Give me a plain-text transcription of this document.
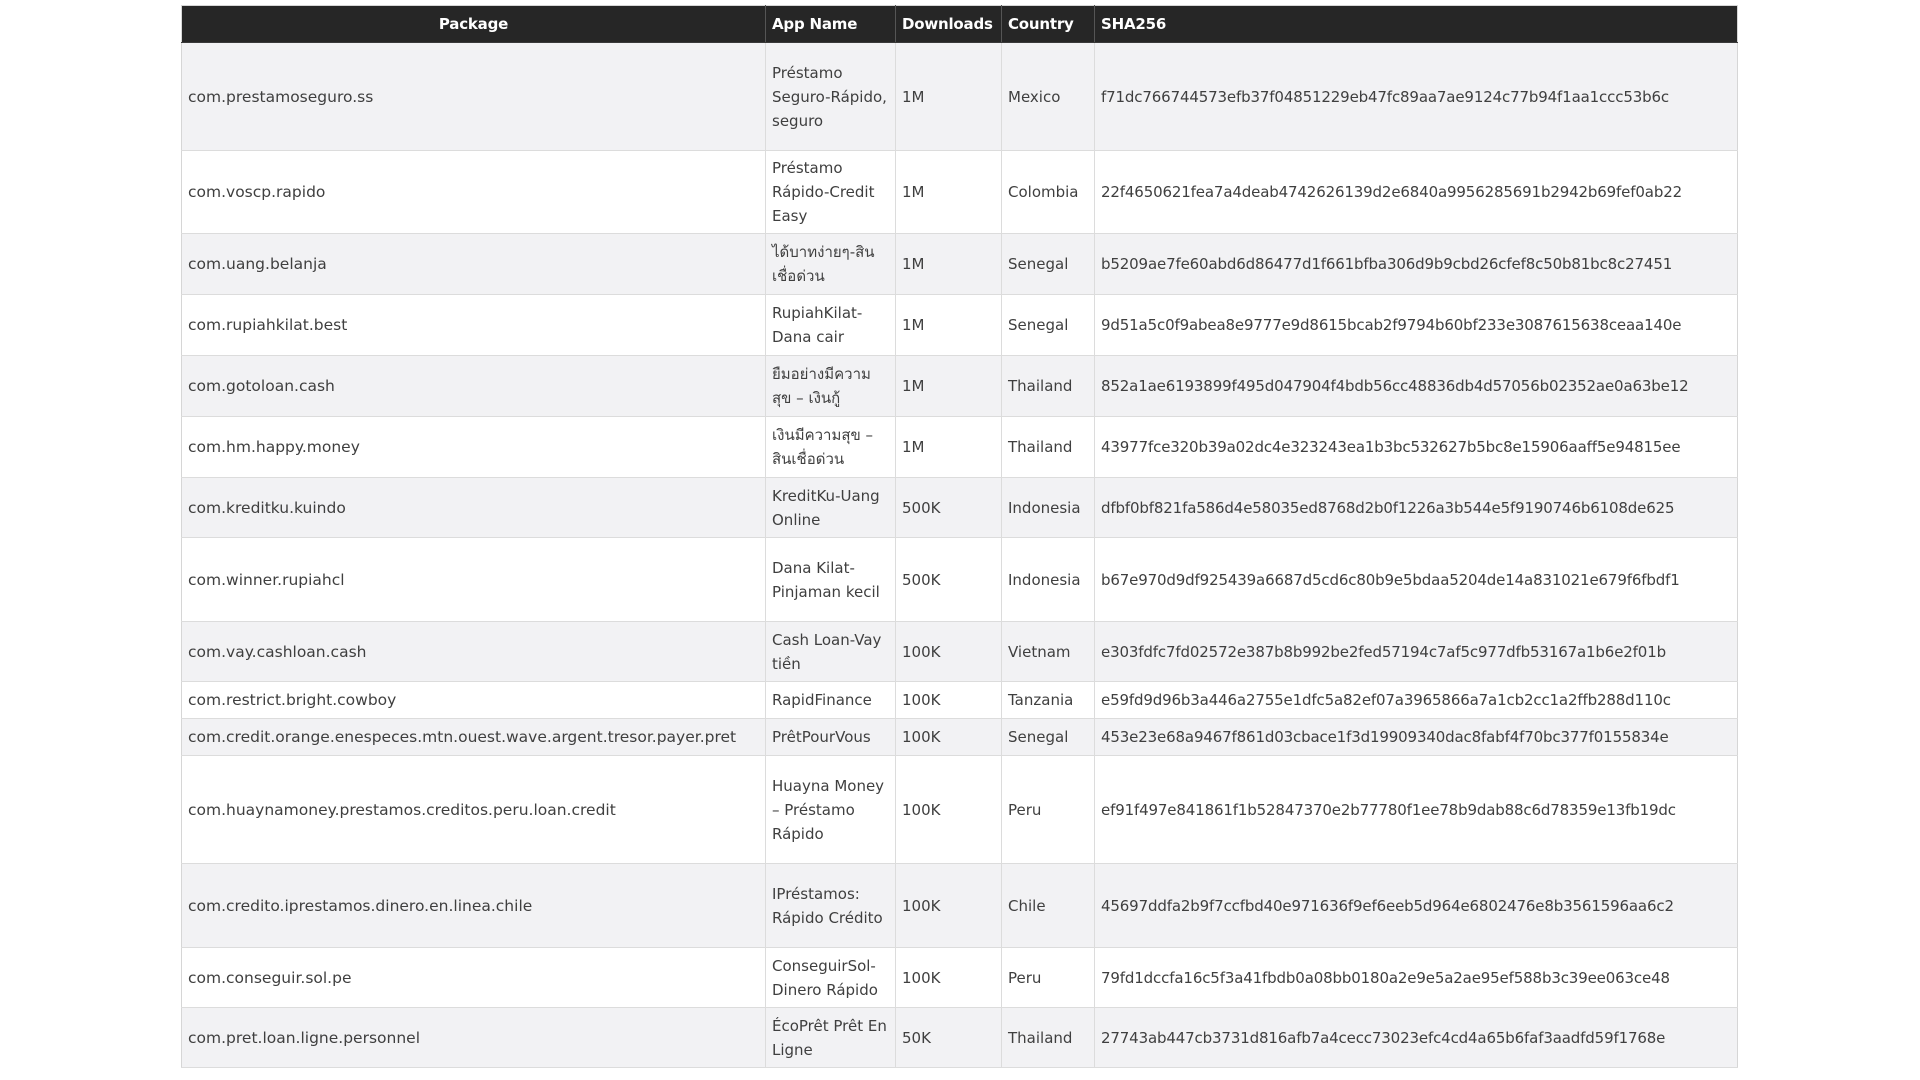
Package	App Name	Downloads	Country	SHA256
com.prestamoseguro.ss	Préstamo Seguro-Rápido, seguro	1M	Mexico	f71dc766744573efb37f04851229eb47fc89aa7ae9124c77b94f1aa1ccc53b6c
com.voscp.rapido	Préstamo Rápido-Credit Easy	1M	Colombia	22f4650621fea7a4deab4742626139d2e6840a9956285691b2942b69fef0ab22
com.uang.belanja	ได้บาทง่ายๆ-สินเชื่อด่วน	1M	Senegal	b5209ae7fe60abd6d86477d1f661bfba306d9b9cbd26cfef8c50b81bc8c27451
com.rupiahkilat.best	RupiahKilat-Dana cair	1M	Senegal	9d51a5c0f9abea8e9777e9d8615bcab2f9794b60bf233e3087615638ceaa140e
com.gotoloan.cash	ยืมอย่างมีความสุข – เงินกู้	1M	Thailand	852a1ae6193899f495d047904f4bdb56cc48836db4d57056b02352ae0a63be12
com.hm.happy.money	เงินมีความสุข – สินเชื่อด่วน	1M	Thailand	43977fce320b39a02dc4e323243ea1b3bc532627b5bc8e15906aaff5e94815ee
com.kreditku.kuindo	KreditKu-Uang Online	500K	Indonesia	dfbf0bf821fa586d4e58035ed8768d2b0f1226a3b544e5f9190746b6108de625
com.winner.rupiahcl	Dana Kilat-Pinjaman kecil	500K	Indonesia	b67e970d9df925439a6687d5cd6c80b9e5bdaa5204de14a831021e679f6fbdf1
com.vay.cashloan.cash	Cash Loan-Vay tiền	100K	Vietnam	e303fdfc7fd02572e387b8b992be2fed57194c7af5c977dfb53167a1b6e2f01b
com.restrict.bright.cowboy	RapidFinance	100K	Tanzania	e59fd9d96b3a446a2755e1dfc5a82ef07a3965866a7a1cb2cc1a2ffb288d110c
com.credit.orange.enespeces.mtn.ouest.wave.argent.tresor.payer.pret	PrêtPourVous	100K	Senegal	453e23e68a9467f861d03cbace1f3d19909340dac8fabf4f70bc377f0155834e
com.huaynamoney.prestamos.creditos.peru.loan.credit	Huayna Money – Préstamo Rápido	100K	Peru	ef91f497e841861f1b52847370e2b77780f1ee78b9dab88c6d78359e13fb19dc
com.credito.iprestamos.dinero.en.linea.chile	IPréstamos: Rápido Crédito	100K	Chile	45697ddfa2b9f7ccfbd40e971636f9ef6eeb5d964e6802476e8b3561596aa6c2
com.conseguir.sol.pe	ConseguirSol-Dinero Rápido	100K	Peru	79fd1dccfa16c5f3a41fbdb0a08bb0180a2e9e5a2ae95ef588b3c39ee063ce48
com.pret.loan.ligne.personnel	ÉcoPrêt Prêt En Ligne	50K	Thailand	27743ab447cb3731d816afb7a4cecc73023efc4cd4a65b6faf3aadfd59f1768e
